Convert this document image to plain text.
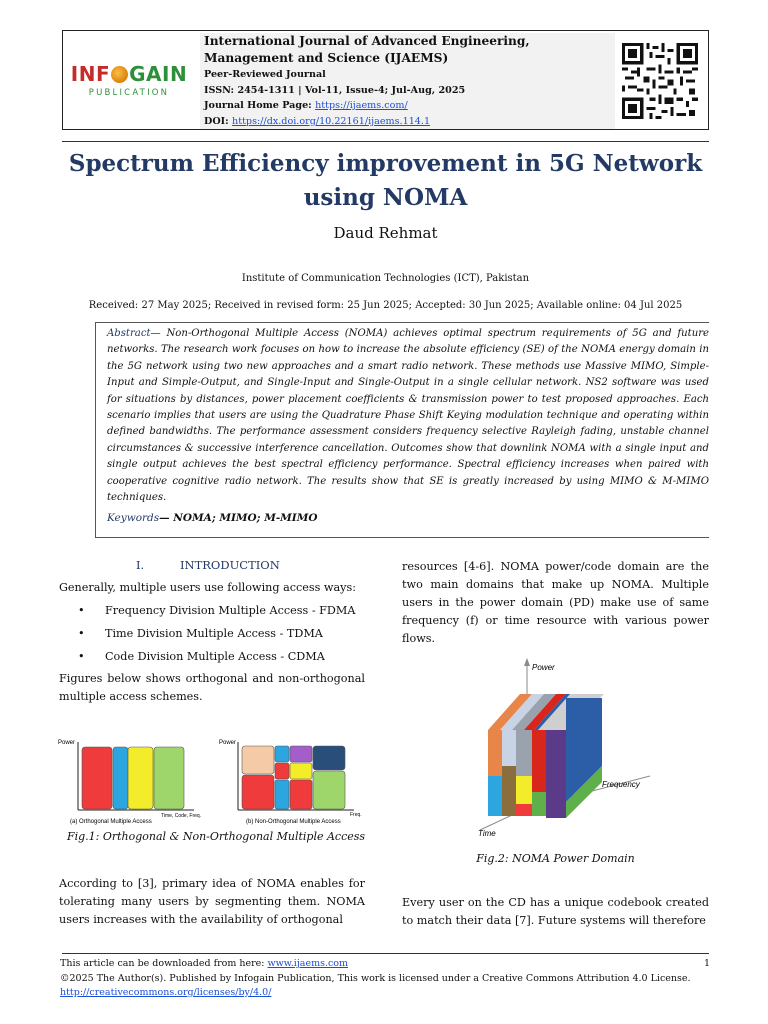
INF GAIN
PUBLICATION
International Journal of Advanced Engineering, Management and Science (IJAEMS)
Peer-Reviewed Journal
ISSN: 2454-1311 | Vol-11, Issue-4; Jul-Aug, 2025
Journal Home Page: https://ijaems.com/
DOI: https://dx.doi.org/10.22161/ijaems.114.1
Spectrum Efficiency improvement in 5G Network using NOMA
Daud Rehmat
Institute of Communication Technologies (ICT), Pakistan
Received: 27 May 2025; Received in revised form: 25 Jun 2025; Accepted: 30 Jun 2025; Available online: 04 Jul 2025

Abstract— Non-Orthogonal Multiple Access (NOMA) achieves optimal spectrum requirements of 5G and future networks. The research work focuses on how to increase the absolute efficiency (SE) of the NOMA energy domain in the 5G network using two new approaches and a smart radio network. These methods use Massive MIMO, Simple-Input and Simple-Output, and Single-Input and Single-Output in a single cellular network. NS2 software was used for situations by distances, power placement coefficients & transmission power to test proposed approaches. Each scenario implies that users are using the Quadrature Phase Shift Keying modulation technique and operating within defined bandwidths. The performance assessment considers frequency selective Rayleigh fading, unstable channel circumstances & successive interference cancellation. Outcomes show that downlink NOMA with a single input and single output achieves the best spectral efficiency performance. Spectral efficiency increases when paired with cooperative cognitive radio network. The results show that SE is greatly increased by using MIMO & M-MIMO techniques.

Keywords— NOMA; MIMO; M-MIMO

I.	INTRODUCTION
Generally, multiple users use following access ways:
• Frequency Division Multiple Access - FDMA
• Time Division Multiple Access - TDMA
• Code Division Multiple Access - CDMA
Figures below shows orthogonal and non-orthogonal multiple access schemes.
Power
Time, Code, Freq.
(a) Orthogonal Multiple Access
Power
Freq.
(b) Non-Orthogonal Multiple Access
Fig.1: Orthogonal & Non-Orthogonal Multiple Access
According to [3], primary idea of NOMA enables for tolerating many users by segmenting them. NOMA users increases with the availability of orthogonal
resources [4-6]. NOMA power/code domain are the two main domains that make up NOMA. Multiple users in the power domain (PD) make use of same frequency (f) or time resource with various power flows.
Power
Frequency
Time
Fig.2: NOMA Power Domain
Every user on the CD has a unique codebook created to match their data [7]. Future systems will therefore
This article can be downloaded from here: www.ijaems.com	1
©2025 The Author(s). Published by Infogain Publication, This work is licensed under a Creative Commons Attribution 4.0 License. http://creativecommons.org/licenses/by/4.0/
